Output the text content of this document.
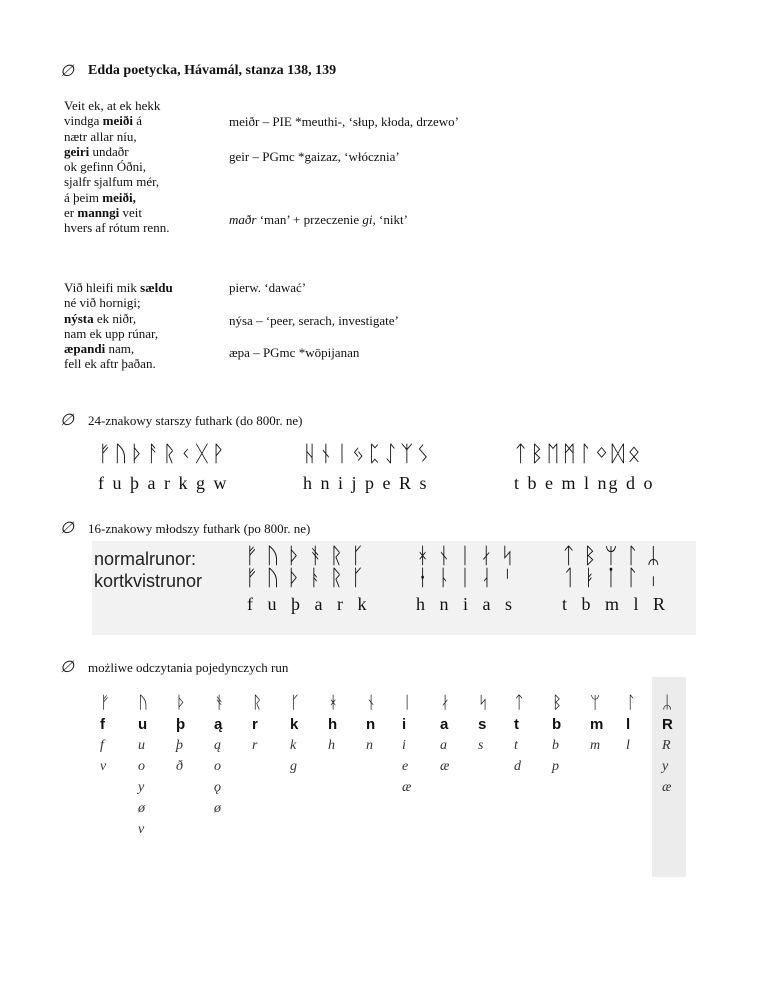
∅ Edda poetycka, Hávamál, stanza 138, 139
Veit ek, at ek hekk
vindga meiði á
nætr allar níu,
geiri undaðr
ok gefinn Óðni,
sjalfr sjalfum mér,
á þeim meiði,
er manngi veit
hvers af rótum renn.
meiðr – PIE *meuthi-, ‘słup, kłoda, drzewo’
geir – PGmc *gaizaz, ‘włócznia’
maðr ‘man’ + przeczenie gi, ‘nikt’
Við hleifi mik sældu
né við hornigi;
nýsta ek niðr,
nam ek upp rúnar,
æpandi nam,
fell ek aftr þaðan.
pierw. ‘dawać’
nýsa – ‘peer, serach, investigate’
æpa – PGmc *wōpijanan
∅ 24-znakowy starszy futhark (do 800r. ne)
ᚠᚢᚦᚨᚱᚲᚷᚹ
f u þ a r k g w
ᚺᚾᛁᛃᛈᛇᛉᛊ
h n i j p e R s
ᛏᛒᛖᛗᛚᛜᛞᛟ
t b e m l ng d o
∅ 16-znakowy młodszy futhark (po 800r. ne)
normalrunor:
kortkvistrunor
ᚠᚢᚦᚬᚱᚴ
ᚠᚢᚦᚭᚱᚴ
f u þ a r k
ᚼᚾᛁᛅᛋ
ᚽᚿᛁᛆᛌ
h n i a s
ᛏᛒᛘᛚᛦ
ᛐᛓᛙᛚᛧ
t b m l R
∅ możliwe odczytania pojedynczych run
ᚠ
f
f
v
ᚢ
u
u
o
y
ø
v
ᚦ
þ
þ
ð
ᚬ
ą
ą
o
ǫ
ø
ᚱ
r
r
ᚴ
k
k
g
ᚼ
h
h
ᚾ
n
n
ᛁ
i
i
e
æ
ᛅ
a
a
æ
ᛋ
s
s
ᛏ
t
t
d
ᛒ
b
b
p
ᛘ
m
m
ᛚ
l
l
ᛦ
R
R
y
æ
